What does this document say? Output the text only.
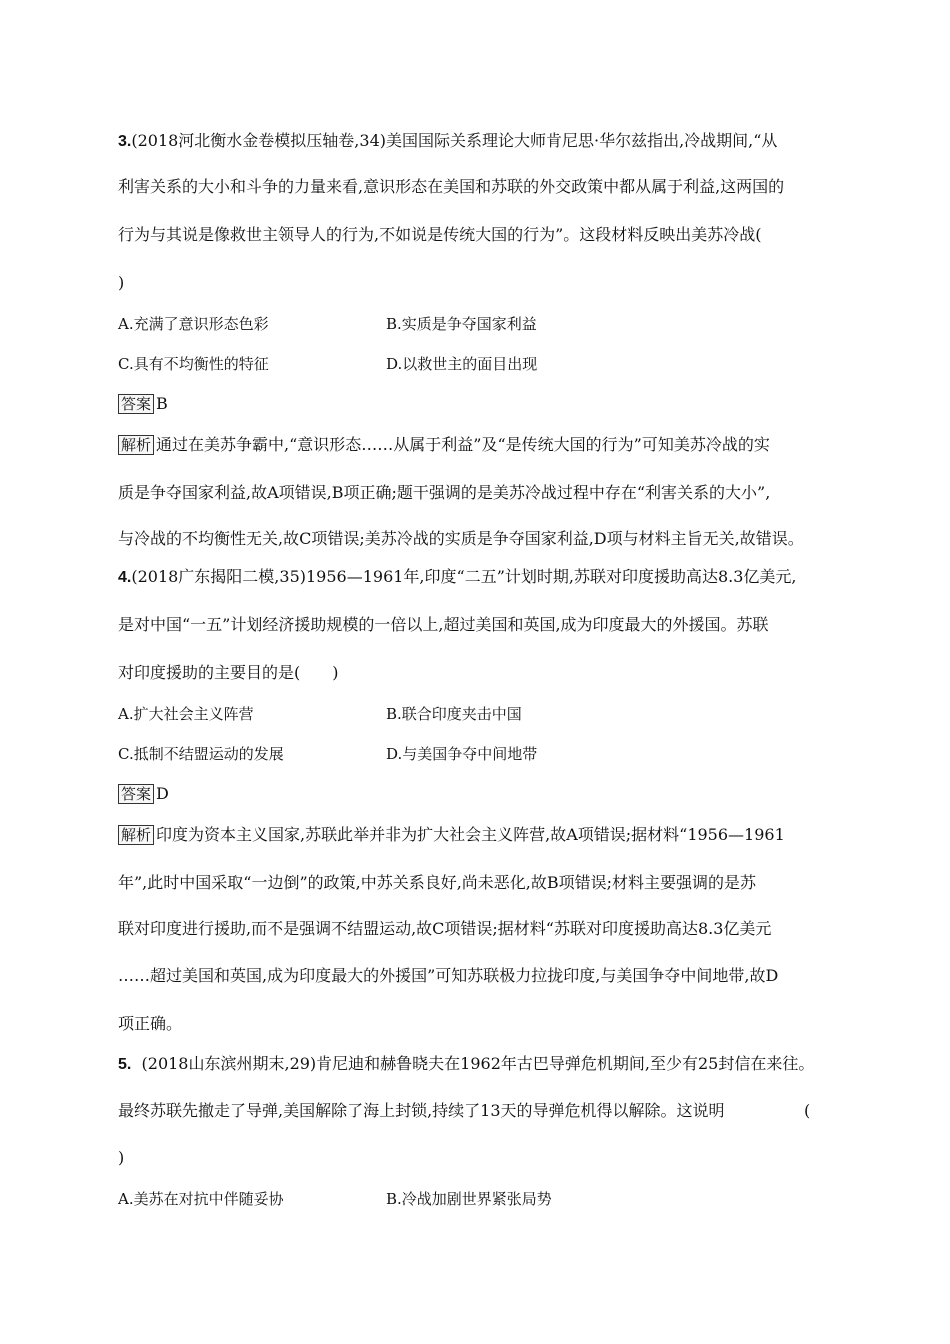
3.(2018河北衡水金卷模拟压轴卷,34)美国国际关系理论大师肯尼思·华尔兹指出,冷战期间,“从
利害关系的大小和斗争的力量来看,意识形态在美国和苏联的外交政策中都从属于利益,这两国的
行为与其说是像救世主领导人的行为,不如说是传统大国的行为”。这段材料反映出美苏冷战(
)
A.充满了意识形态色彩	B.实质是争夺国家利益
C.具有不均衡性的特征	D.以救世主的面目出现
答案 B
解析 通过在美苏争霸中,“意识形态……从属于利益”及“是传统大国的行为”可知美苏冷战的实
质是争夺国家利益,故A项错误,B项正确;题干强调的是美苏冷战过程中存在“利害关系的大小”,
与冷战的不均衡性无关,故C项错误;美苏冷战的实质是争夺国家利益,D项与材料主旨无关,故错误。
4.(2018广东揭阳二模,35)1956—1961年,印度“二五”计划时期,苏联对印度援助高达8.3亿美元,
是对中国“一五”计划经济援助规模的一倍以上,超过美国和英国,成为印度最大的外援国。苏联
对印度援助的主要目的是(　　)
A.扩大社会主义阵营	B.联合印度夹击中国
C.抵制不结盟运动的发展	D.与美国争夺中间地带
答案 D
解析 印度为资本主义国家,苏联此举并非为扩大社会主义阵营,故A项错误;据材料“1956—1961
年”,此时中国采取“一边倒”的政策,中苏关系良好,尚未恶化,故B项错误;材料主要强调的是苏
联对印度进行援助,而不是强调不结盟运动,故C项错误;据材料“苏联对印度援助高达8.3亿美元
……超过美国和英国,成为印度最大的外援国”可知苏联极力拉拢印度,与美国争夺中间地带,故D
项正确。
5. (2018山东滨州期末,29)肯尼迪和赫鲁晓夫在1962年古巴导弹危机期间,至少有25封信在来往。
最终苏联先撤走了导弹,美国解除了海上封锁,持续了13天的导弹危机得以解除。这说明	(
)
A.美苏在对抗中伴随妥协	B.冷战加剧世界紧张局势
